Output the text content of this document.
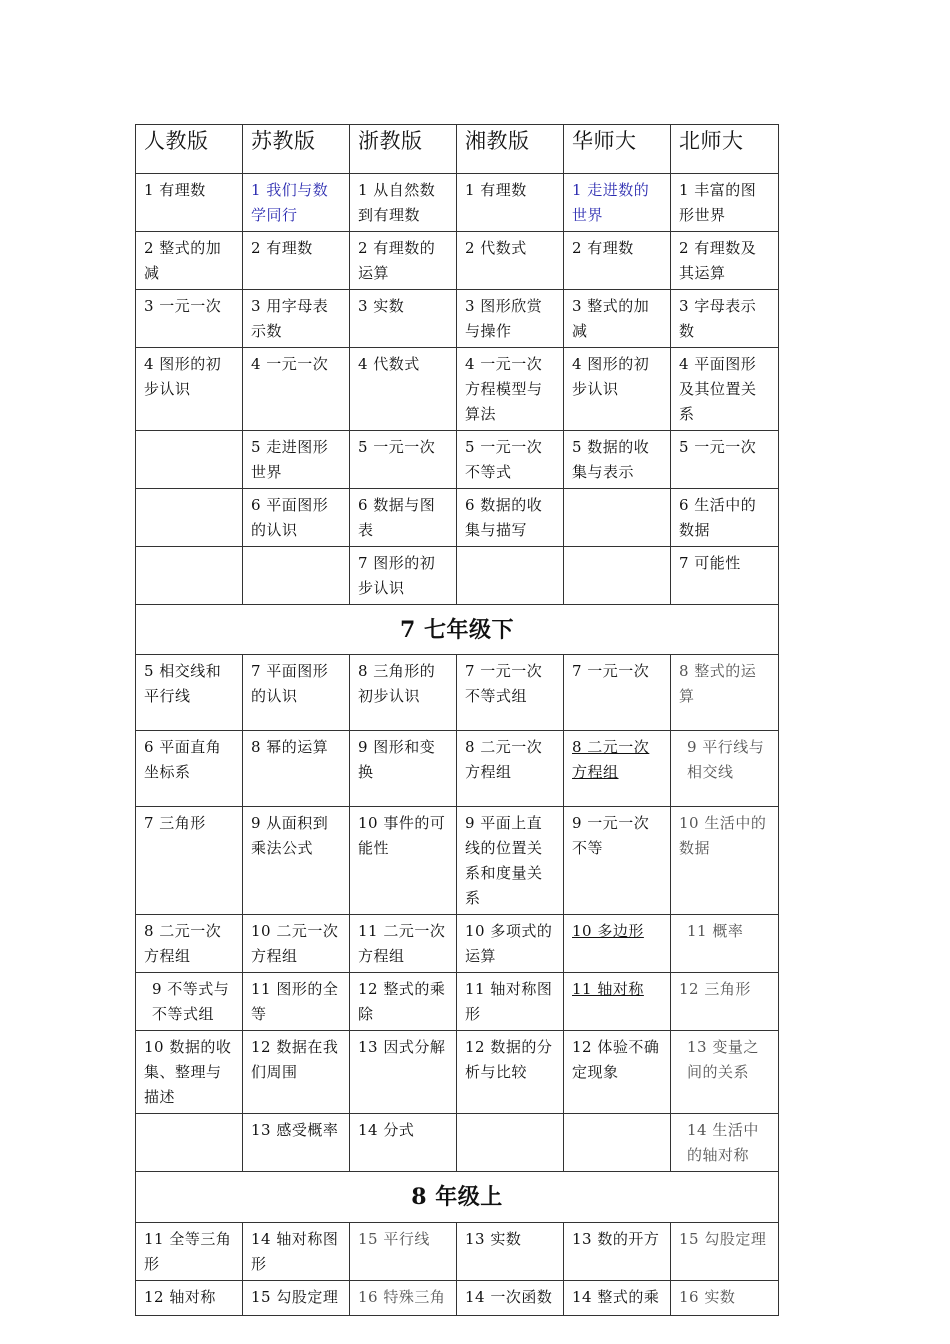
人教版	苏教版	浙教版	湘教版	华师大	北师大
1 有理数	1 我们与数学同行	1 从自然数到有理数	1 有理数	1 走进数的世界	1 丰富的图形世界
2 整式的加减	2 有理数	2 有理数的运算	2 代数式	2 有理数	2 有理数及其运算
3 一元一次	3 用字母表示数	3 实数	3 图形欣赏与操作	3 整式的加减	3 字母表示数
4 图形的初步认识	4 一元一次	4 代数式	4 一元一次方程模型与算法	4 图形的初步认识	4 平面图形及其位置关系
	5 走进图形世界	5 一元一次	5 一元一次不等式	5 数据的收集与表示	5 一元一次
	6 平面图形的认识	6 数据与图表	6 数据的收集与描写		6 生活中的数据
		7 图形的初步认识			7 可能性
7 七年级下					
5 相交线和平行线	7 平面图形的认识	8 三角形的初步认识	7 一元一次不等式组	7 一元一次	8 整式的运算
6 平面直角坐标系	8 幂的运算	9 图形和变换	8 二元一次方程组	8 二元一次方程组	9 平行线与相交线
7 三角形	9 从面积到乘法公式	10 事件的可能性	9 平面上直线的位置关系和度量关系	9 一元一次不等	10 生活中的数据
8 二元一次方程组	10 二元一次方程组	11 二元一次方程组	10 多项式的运算	10 多边形	11 概率
9 不等式与不等式组	11 图形的全等	12 整式的乘除	11 轴对称图形	11 轴对称	12 三角形
10 数据的收集、整理与描述	12 数据在我们周围	13 因式分解	12 数据的分析与比较	12 体验不确定现象	13 变量之间的关系
	13 感受概率	14 分式			14 生活中的轴对称
8 年级上					
11 全等三角形	14 轴对称图形	15 平行线	13 实数	13 数的开方	15 勾股定理
12 轴对称	15 勾股定理	16 特殊三角	14 一次函数	14 整式的乘	16 实数
